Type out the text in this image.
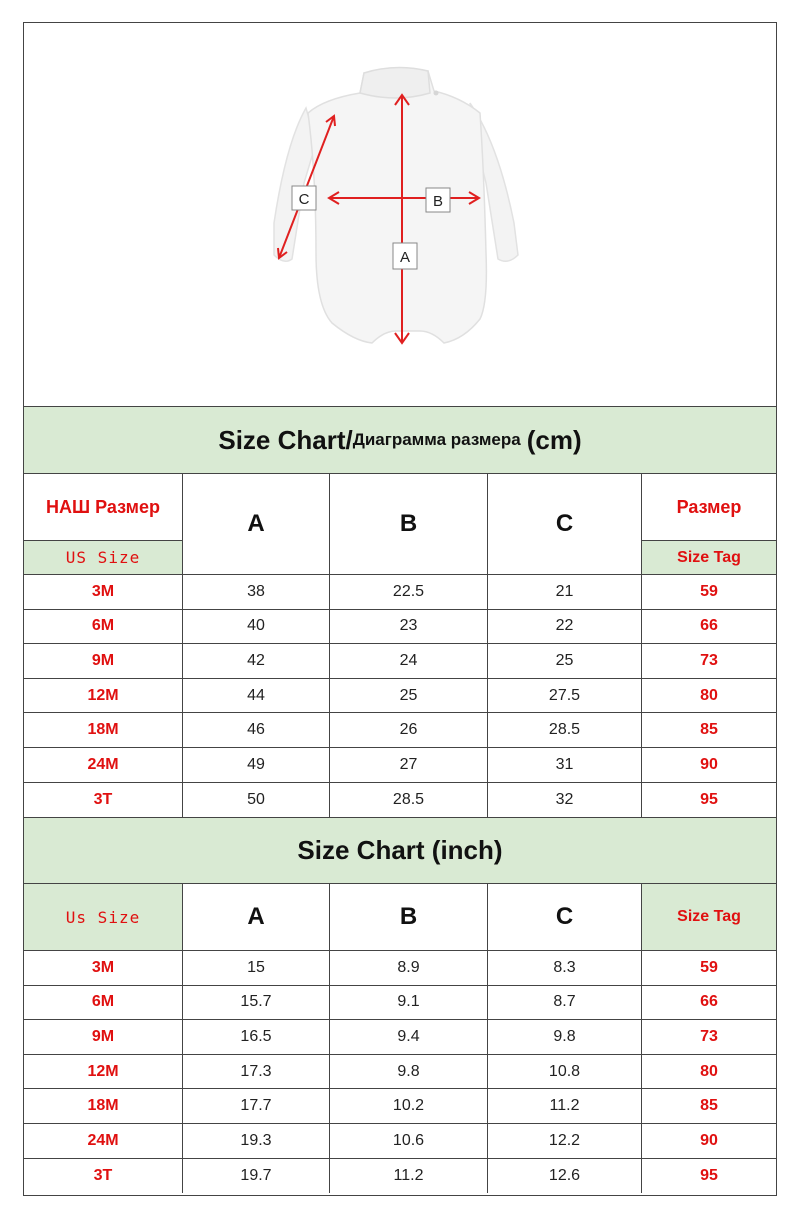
C	B
A
Size Chart/ Диаграмма размера (cm)
НАШ Размер
US Size
A	B	C
Размер
Size Tag
3M	38	22.5	21	59
6M	40	23	22	66
9M	42	24	25	73
12M	44	25	27.5	80
18M	46	26	28.5	85
24M	49	27	31	90
3T	50	28.5	32	95
Size Chart (inch)
Us Size	A	B	C	Size Tag
3M	15	8.9	8.3	59
6M	15.7	9.1	8.7	66
9M	16.5	9.4	9.8	73
12M	17.3	9.8	10.8	80
18M	17.7	10.2	11.2	85
24M	19.3	10.6	12.2	90
3T	19.7	11.2	12.6	95
